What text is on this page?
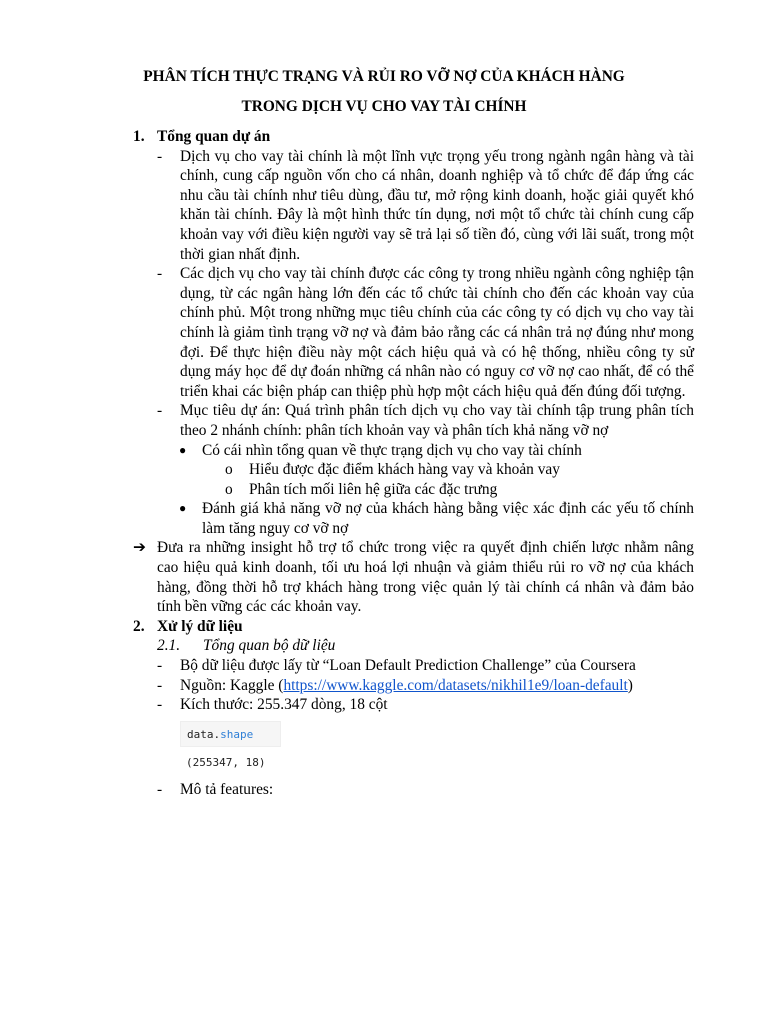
PHÂN TÍCH THỰC TRẠNG VÀ RỦI RO VỠ NỢ CỦA KHÁCH HÀNG
TRONG DỊCH VỤ CHO VAY TÀI CHÍNH
1. Tổng quan dự án
- Dịch vụ cho vay tài chính là một lĩnh vực trọng yếu trong ngành ngân hàng và tài chính, cung cấp nguồn vốn cho cá nhân, doanh nghiệp và tổ chức để đáp ứng các nhu cầu tài chính như tiêu dùng, đầu tư, mở rộng kinh doanh, hoặc giải quyết khó khăn tài chính. Đây là một hình thức tín dụng, nơi một tổ chức tài chính cung cấp khoản vay với điều kiện người vay sẽ trả lại số tiền đó, cùng với lãi suất, trong một thời gian nhất định.
- Các dịch vụ cho vay tài chính được các công ty trong nhiều ngành công nghiệp tận dụng, từ các ngân hàng lớn đến các tổ chức tài chính cho đến các khoản vay của chính phủ. Một trong những mục tiêu chính của các công ty có dịch vụ cho vay tài chính là giảm tình trạng vỡ nợ và đảm bảo rằng các cá nhân trả nợ đúng như mong đợi. Để thực hiện điều này một cách hiệu quả và có hệ thống, nhiều công ty sử dụng máy học để dự đoán những cá nhân nào có nguy cơ vỡ nợ cao nhất, để có thể triển khai các biện pháp can thiệp phù hợp một cách hiệu quả đến đúng đối tượng.
- Mục tiêu dự án: Quá trình phân tích dịch vụ cho vay tài chính tập trung phân tích theo 2 nhánh chính: phân tích khoản vay và phân tích khả năng vỡ nợ
● Có cái nhìn tổng quan về thực trạng dịch vụ cho vay tài chính
o Hiểu được đặc điểm khách hàng vay và khoản vay
o Phân tích mối liên hệ giữa các đặc trưng
● Đánh giá khả năng vỡ nợ của khách hàng bằng việc xác định các yếu tố chính làm tăng nguy cơ vỡ nợ
➔ Đưa ra những insight hỗ trợ tổ chức trong việc ra quyết định chiến lược nhằm nâng cao hiệu quả kinh doanh, tối ưu hoá lợi nhuận và giảm thiểu rủi ro vỡ nợ của khách hàng, đồng thời hỗ trợ khách hàng trong việc quản lý tài chính cá nhân và đảm bảo tính bền vững các các khoản vay.
2. Xử lý dữ liệu
2.1. Tổng quan bộ dữ liệu
- Bộ dữ liệu được lấy từ “Loan Default Prediction Challenge” của Coursera
- Nguồn: Kaggle (https://www.kaggle.com/datasets/nikhil1e9/loan-default)
- Kích thước: 255.347 dòng, 18 cột
data.shape
(255347, 18)
- Mô tả features:
